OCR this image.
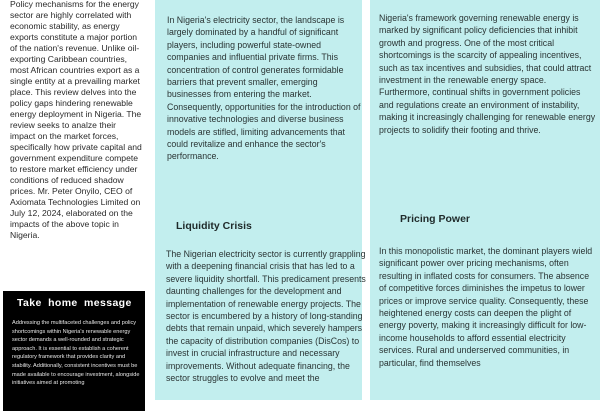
Policy mechanisms for the energy sector are highly correlated with economic stability, as energy exports constitute a major portion of the nation's revenue. Unlike oil-exporting Caribbean countries, most African countries export as a single entity at a prevailing market place. This review delves into the policy gaps hindering renewable energy deployment in Nigeria. The review seeks to analze their impact on the market forces, specifically how private capital and government expenditure compete to restore market efficiency under conditions of reduced shadow prices. Mr. Peter Onyilo, CEO of Axiomata Technologies Limited on July 12, 2024, elaborated on the impacts of the above topic in Nigeria.

Take home message

Addressing the multifaceted challenges and policy shortcomings within Nigeria's renewable energy sector demands a well-rounded and strategic approach. It is essential to establish a coherent regulatory framework that provides clarity and stability. Additionally, consistent incentives must be made available to encourage investment, alongside initiatives aimed at promoting

In Nigeria's electricity sector, the landscape is largely dominated by a handful of significant players, including powerful state-owned companies and influential private firms. This concentration of control generates formidable barriers that prevent smaller, emerging businesses from entering the market. Consequently, opportunities for the introduction of innovative technologies and diverse business models are stifled, limiting advancements that could revitalize and enhance the sector's performance.

Liquidity Crisis

The Nigerian electricity sector is currently grappling with a deepening financial crisis that has led to a severe liquidity shortfall. This predicament presents daunting challenges for the development and implementation of renewable energy projects. The sector is encumbered by a history of long-standing debts that remain unpaid, which severely hampers the capacity of distribution companies (DisCos) to invest in crucial infrastructure and necessary improvements. Without adequate financing, the sector struggles to evolve and meet the

Nigeria's framework governing renewable energy is marked by significant policy deficiencies that inhibit growth and progress. One of the most critical shortcomings is the scarcity of appealing incentives, such as tax incentives and subsidies, that could attract investment in the renewable energy space. Furthermore, continual shifts in government policies and regulations create an environment of instability, making it increasingly challenging for renewable energy projects to solidify their footing and thrive.

Pricing Power

In this monopolistic market, the dominant players wield significant power over pricing mechanisms, often resulting in inflated costs for consumers. The absence of competitive forces diminishes the impetus to lower prices or improve service quality. Consequently, these heightened energy costs can deepen the plight of energy poverty, making it increasingly difficult for low-income households to afford essential electricity services. Rural and underserved communities, in particular, find themselves
